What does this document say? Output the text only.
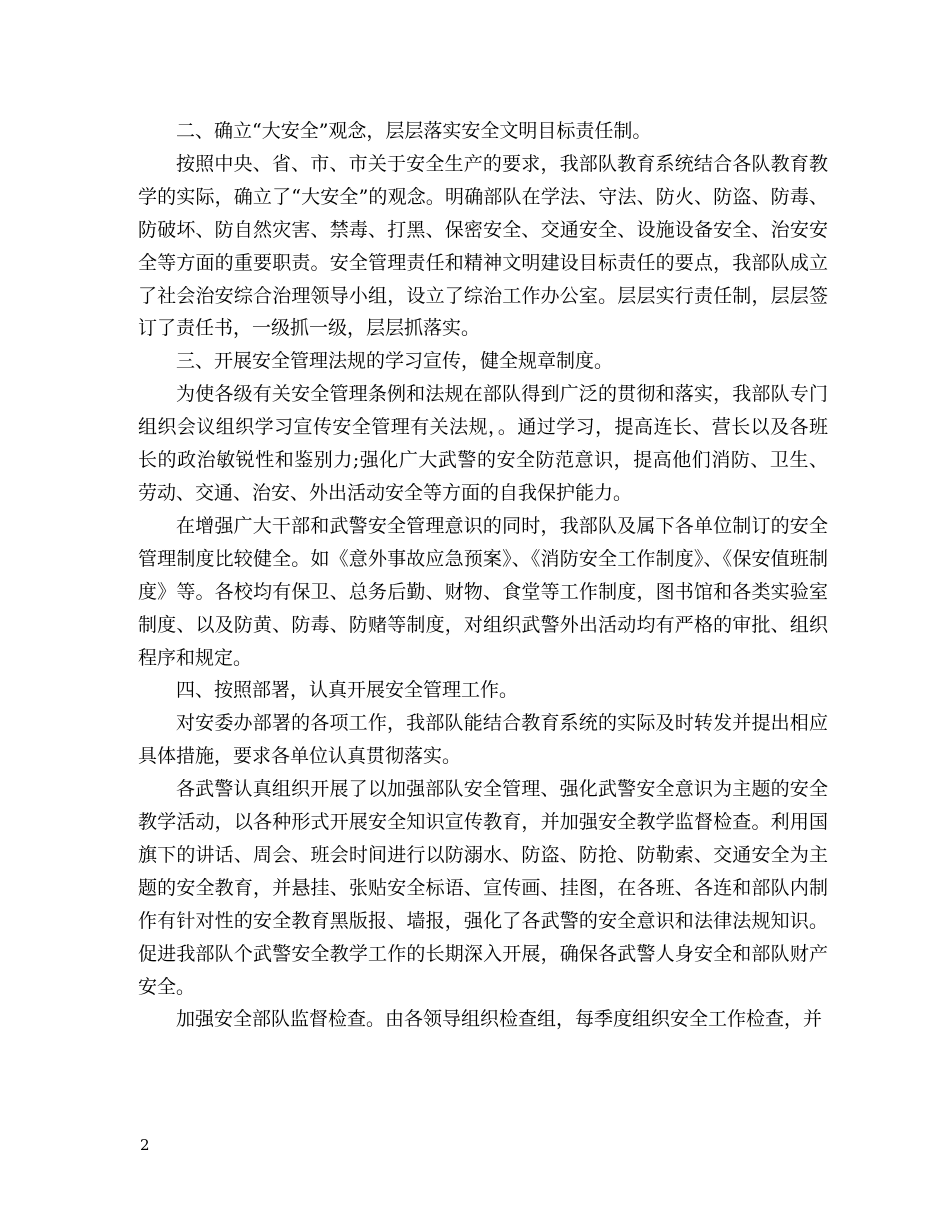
二、确立“大安全”观念，层层落实安全文明目标责任制。

按照中央、省、市、市关于安全生产的要求，我部队教育系统结合各队教育教学的实际，确立了“大安全”的观念。明确部队在学法、守法、防火、防盗、防毒、防破坏、防自然灾害、禁毒、打黑、保密安全、交通安全、设施设备安全、治安安全等方面的重要职责。安全管理责任和精神文明建设目标责任的要点，我部队成立了社会治安综合治理领导小组，设立了综治工作办公室。层层实行责任制，层层签订了责任书，一级抓一级，层层抓落实。

三、开展安全管理法规的学习宣传，健全规章制度。

为使各级有关安全管理条例和法规在部队得到广泛的贯彻和落实，我部队专门组织会议组织学习宣传安全管理有关法规，。通过学习，提高连长、营长以及各班长的政治敏锐性和鉴别力;强化广大武警的安全防范意识，提高他们消防、卫生、劳动、交通、治安、外出活动安全等方面的自我保护能力。

在增强广大干部和武警安全管理意识的同时，我部队及属下各单位制订的安全管理制度比较健全。如《意外事故应急预案》、《消防安全工作制度》、《保安值班制度》等。各校均有保卫、总务后勤、财物、食堂等工作制度，图书馆和各类实验室制度、以及防黄、防毒、防赌等制度，对组织武警外出活动均有严格的审批、组织程序和规定。

四、按照部署，认真开展安全管理工作。

对安委办部署的各项工作，我部队能结合教育系统的实际及时转发并提出相应具体措施，要求各单位认真贯彻落实。

各武警认真组织开展了以加强部队安全管理、强化武警安全意识为主题的安全教学活动，以各种形式开展安全知识宣传教育，并加强安全教学监督检查。利用国旗下的讲话、周会、班会时间进行以防溺水、防盗、防抢、防勒索、交通安全为主题的安全教育，并悬挂、张贴安全标语、宣传画、挂图，在各班、各连和部队内制作有针对性的安全教育黑版报、墙报，强化了各武警的安全意识和法律法规知识。促进我部队个武警安全教学工作的长期深入开展，确保各武警人身安全和部队财产安全。

加强安全部队监督检查。由各领导组织检查组，每季度组织安全工作检查，并

2
